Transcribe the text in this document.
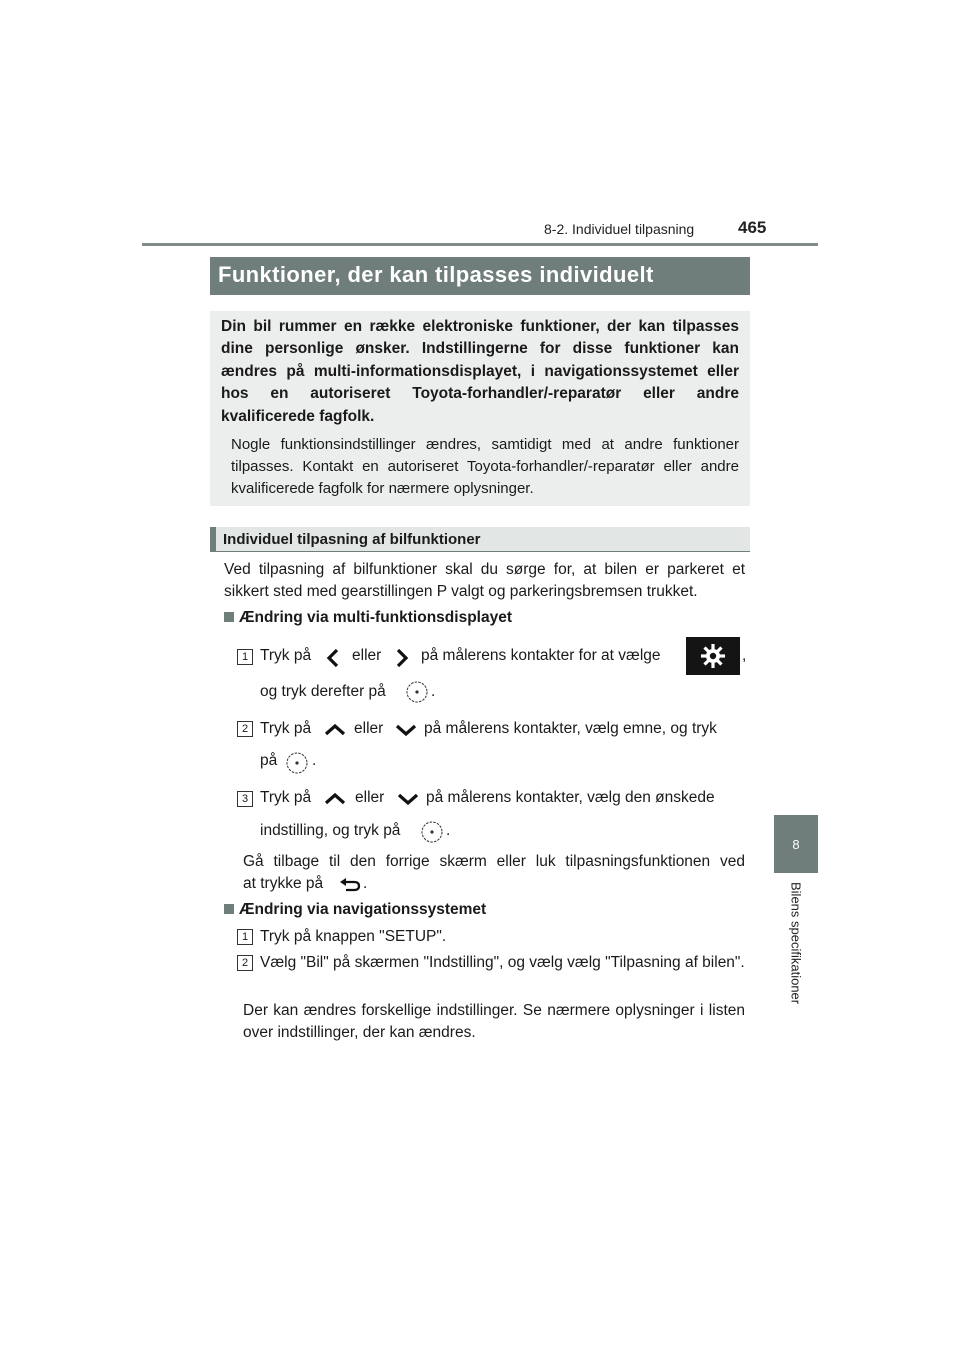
8-2. Individuel tilpasning	465
8
Bilens specifikationer
Funktioner, der kan tilpasses individuelt
Din bil rummer en række elektroniske funktioner, der kan tilpasses dine personlige ønsker. Indstillingerne for disse funktioner kan ændres på multi-informationsdisplayet, i navigationssystemet eller hos en autoriseret Toyota-forhandler/-reparatør eller andre kvalificerede fagfolk.
Nogle funktionsindstillinger ændres, samtidigt med at andre funktioner tilpasses. Kontakt en autoriseret Toyota-forhandler/-reparatør eller andre kvalificerede fagfolk for nærmere oplysninger.
Individuel tilpasning af bilfunktioner
Ved tilpasning af bilfunktioner skal du sørge for, at bilen er parkeret et sikkert sted med gearstillingen P valgt og parkeringsbremsen trukket.
Ændring via multi-funktionsdisplayet
1 Tryk på	eller	på målerens kontakter for at vælge	,
og tryk derefter på	.
2 Tryk på	eller	på målerens kontakter, vælg emne, og tryk
på .
3 Tryk på	eller	på målerens kontakter, vælg den ønskede
indstilling, og tryk på	.
Gå tilbage til den forrige skærm eller luk tilpasningsfunktionen ved
at trykke på	.
Ændring via navigationssystemet
1 Tryk på knappen "SETUP".
2 Vælg "Bil" på skærmen "Indstilling", og vælg vælg "Tilpasning af bilen".
Der kan ændres forskellige indstillinger. Se nærmere oplysninger i listen over indstillinger, der kan ændres.
